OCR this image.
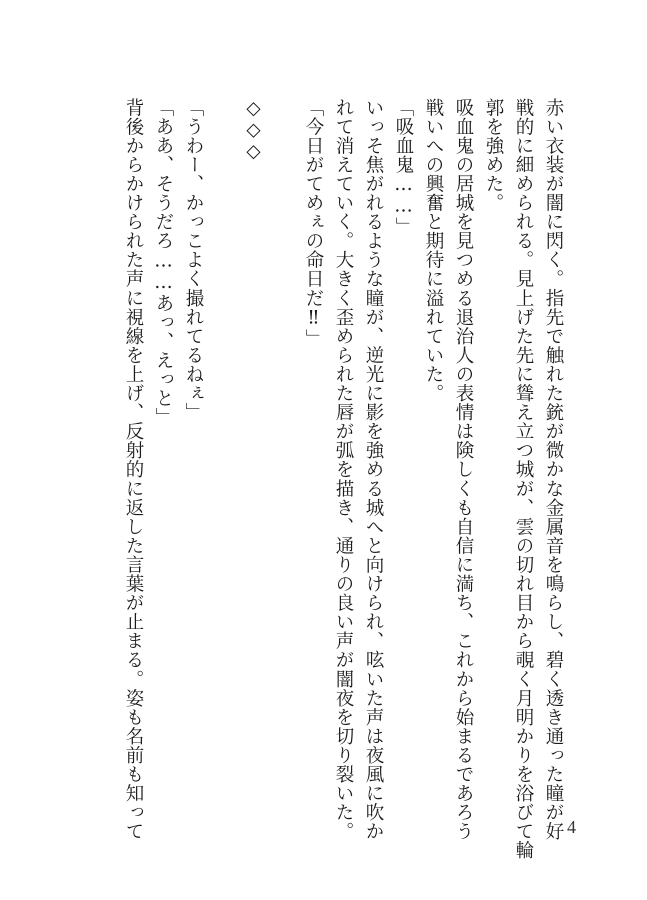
赤い衣装が闇に閃く。指先で触れた銃が微かな金属音を鳴らし、碧く透き通った瞳が好
戦的に細められる。見上げた先に聳え立つ城が、雲の切れ目から覗く月明かりを浴びて輪
郭を強めた。
吸血鬼の居城を見つめる退治人の表情は険しくも自信に満ち、これから始まるであろう
戦いへの興奮と期待に溢れていた。
「吸血鬼……」
いっそ焦がれるような瞳が、逆光に影を強める城へと向けられ、呟いた声は夜風に吹か
れて消えていく。大きく歪められた唇が弧を描き、通りの良い声が闇夜を切り裂いた。
「今日がてめぇの命日だ‼」
◇◇◇
「うわー、かっこよく撮れてるねぇ」
「ああ、そうだろ……あっ、えっと」
背後からかけられた声に視線を上げ、反射的に返した言葉が止まる。姿も名前も知って	4
